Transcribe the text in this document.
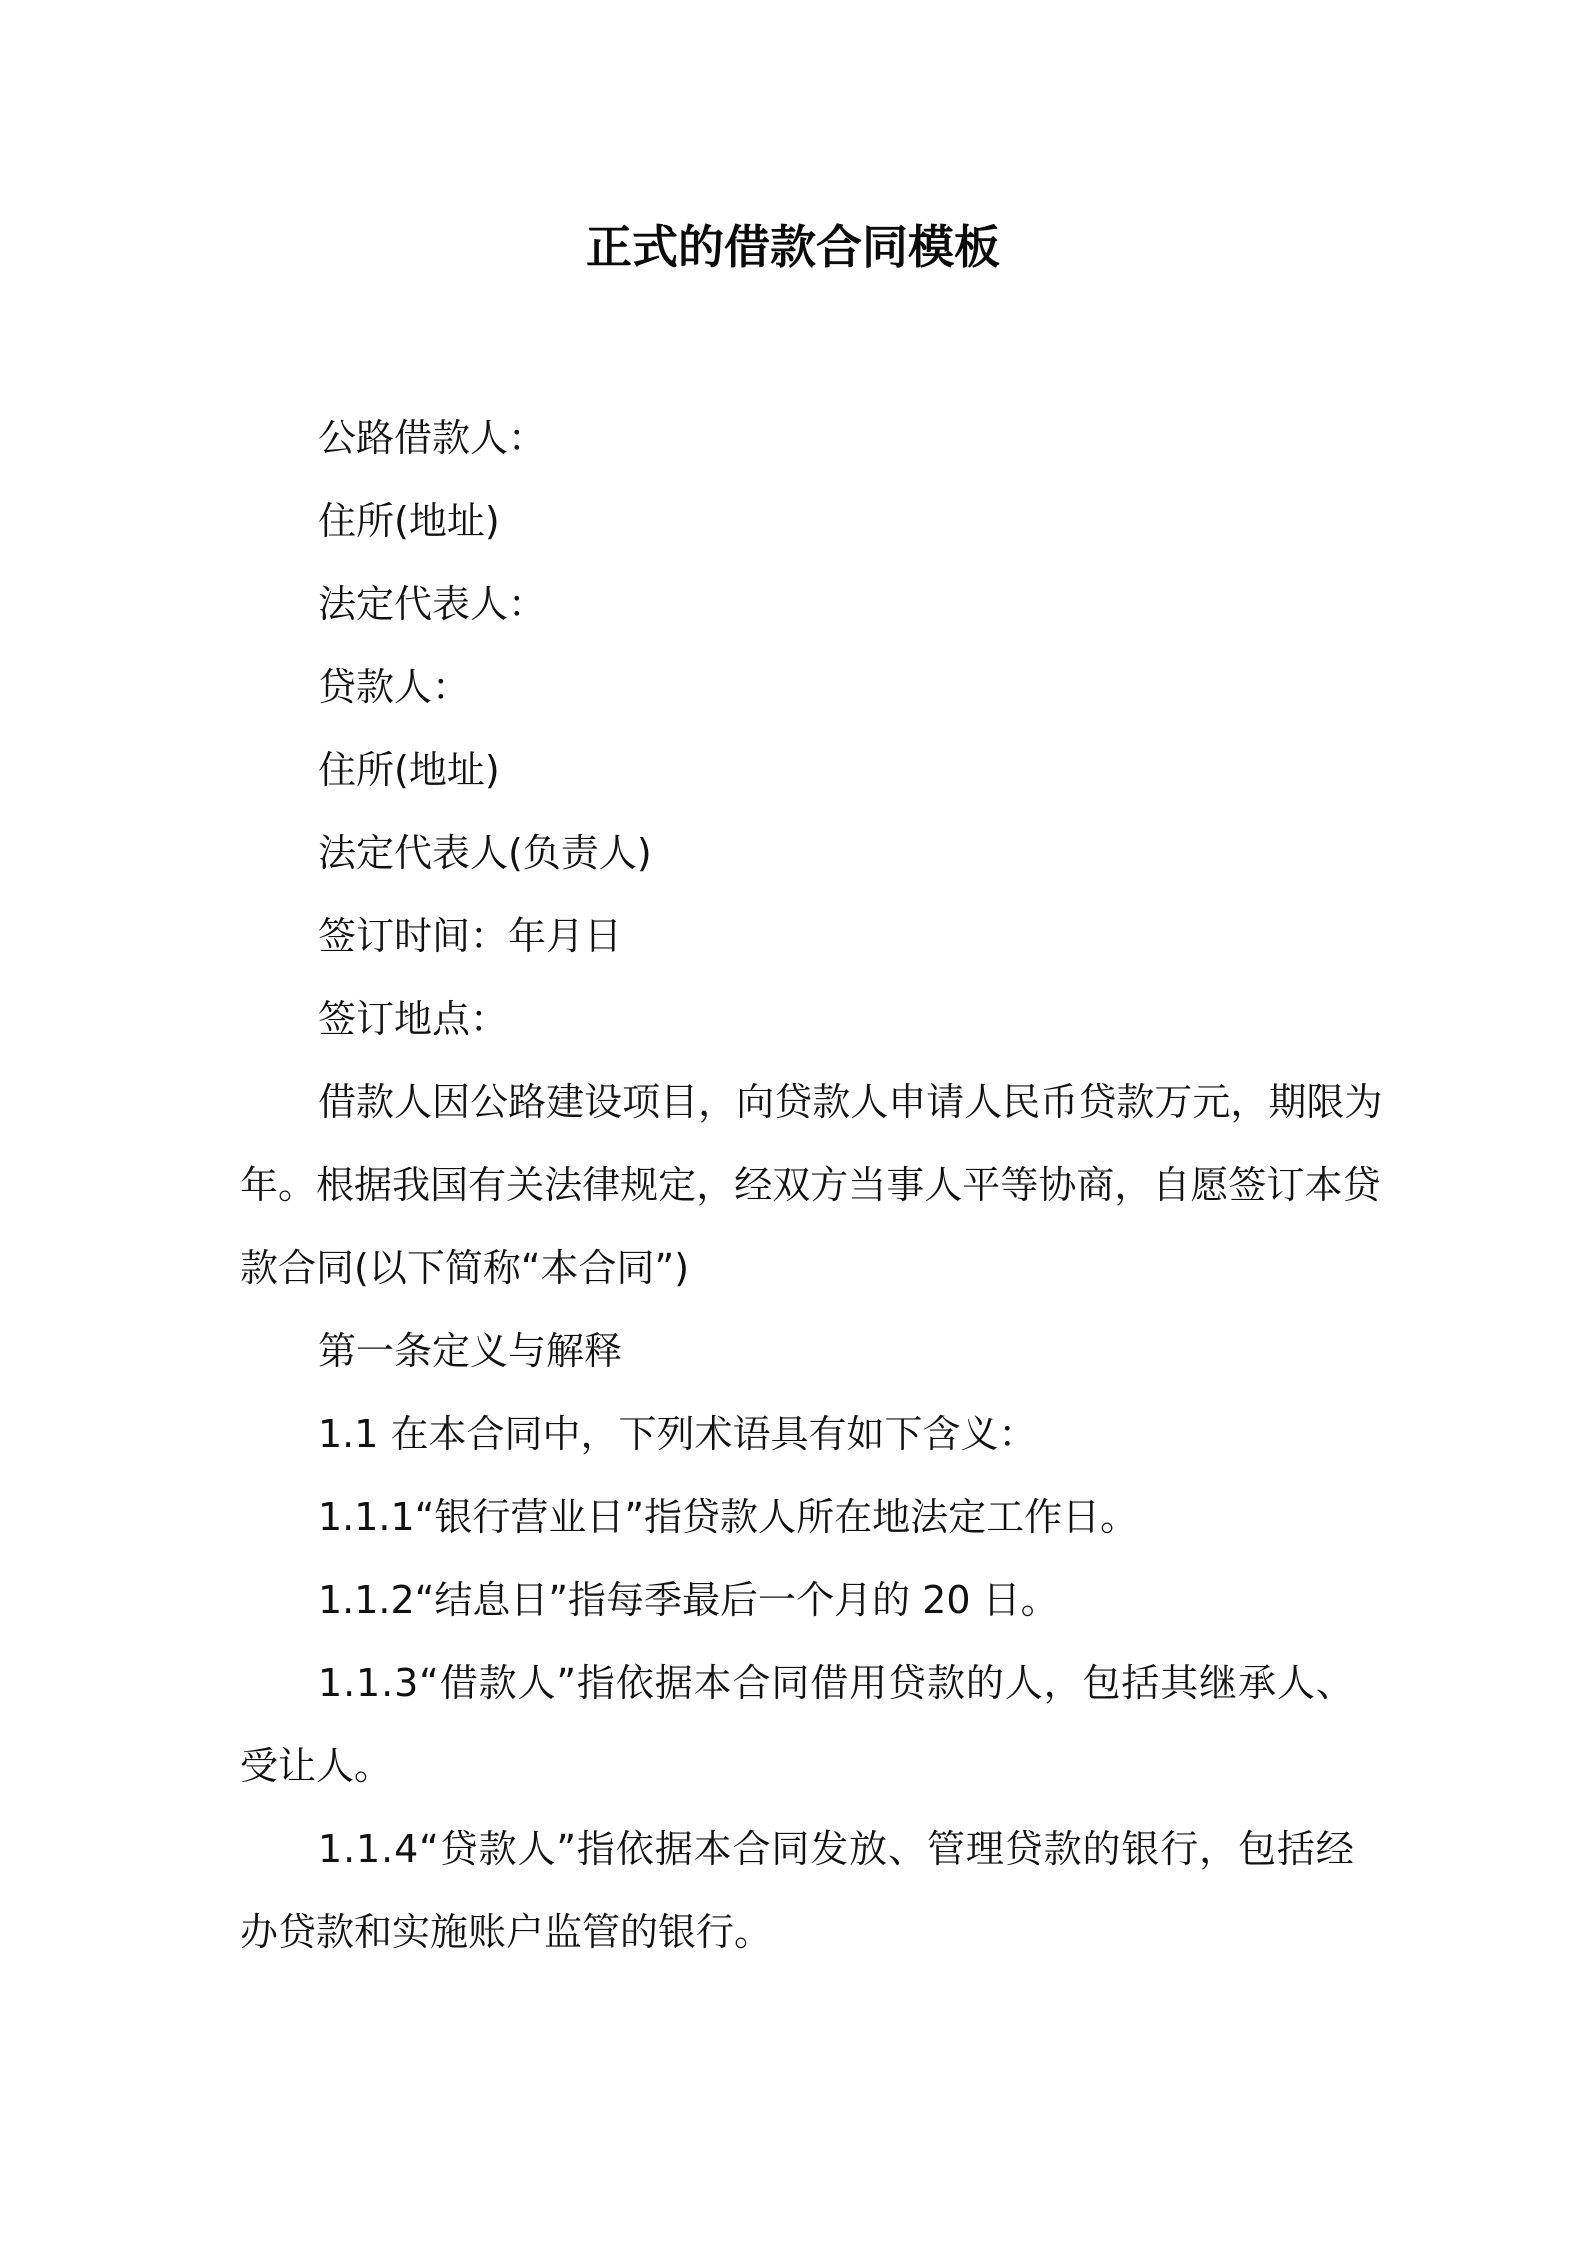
正式的借款合同模板

公路借款人：

住所(地址)

法定代表人：

贷款人：

住所(地址)

法定代表人(负责人)

签订时间：年月日

签订地点：

借 款 人 因 公 路 建 设 项 目 ， 向 贷 款 人 申 请 人 民 币 贷 款 万 元 ， 期 限 为

年 。 根 据 我 国 有 关 法 律 规 定 ， 经 双 方 当 事 人 平 等 协 商 ， 自 愿 签 订 本 贷

款合同(以下简称“本合同”)

第一条定义与解释

1.1 在本合同中，下列术语具有如下含义：

1.1.1“银行营业日”指贷款人所在地法定工作日。

1.1.2“结息日”指每季最后一个月的 20 日。

1 . 1 . 3 “ 借 款 人 ” 指 依 据 本 合 同 借 用 贷 款 的 人 ， 包 括 其 继 承 人 、

受让人。

1 . 1 . 4 “ 贷 款 人 ” 指 依 据 本 合 同 发 放 、 管 理 贷 款 的 银 行 ， 包 括 经

办贷款和实施账户监管的银行。
